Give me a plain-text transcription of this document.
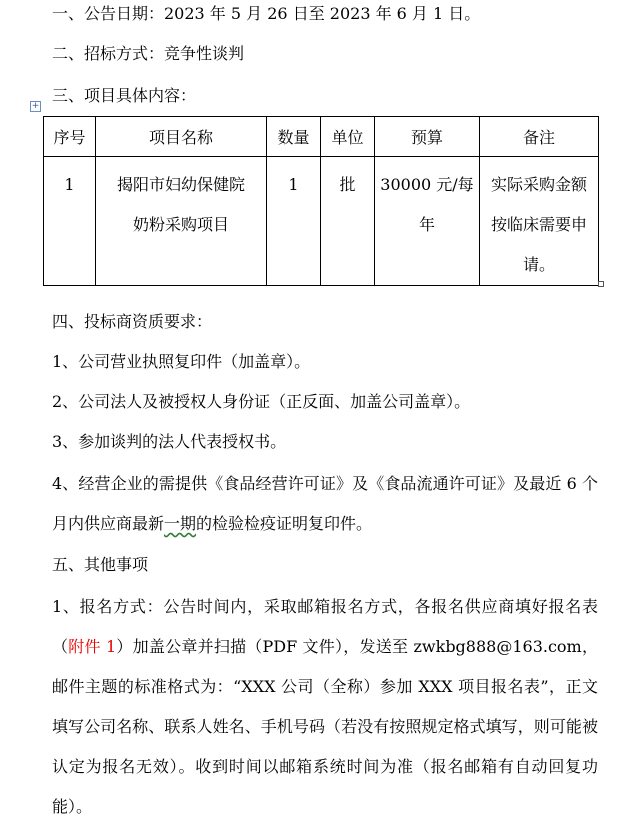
一、公告日期：2023 年 5 月 26 日至 2023 年 6 月 1 日。
二、招标方式：竞争性谈判
三、项目具体内容：
+
序号	项目名称	数量	单位	预算	备注

1	揭阳市妇幼保健院奶粉采购项目	1	批	30000 元/每年	实际采购金额按临床需要申请。
四、投标商资质要求：
1、公司营业执照复印件（加盖章）。
2、公司法人及被授权人身份证（正反面、加盖公司盖章）。
3、参加谈判的法人代表授权书。
4、经营企业的需提供《食品经营许可证》及《食品流通许可证》及最近 6 个月内供应商最新一期的检验检疫证明复印件。
五、其他事项
1、报名方式：公告时间内，采取邮箱报名方式，各报名供应商填好报名表（附件 1）加盖公章并扫描（PDF 文件），发送至 zwkbg888@163.com，邮件主题的标准格式为：“XXX 公司（全称）参加 XXX 项目报名表”，正文填写公司名称、联系人姓名、手机号码（若没有按照规定格式填写，则可能被认定为报名无效）。收到时间以邮箱系统时间为准（报名邮箱有自动回复功能）。
